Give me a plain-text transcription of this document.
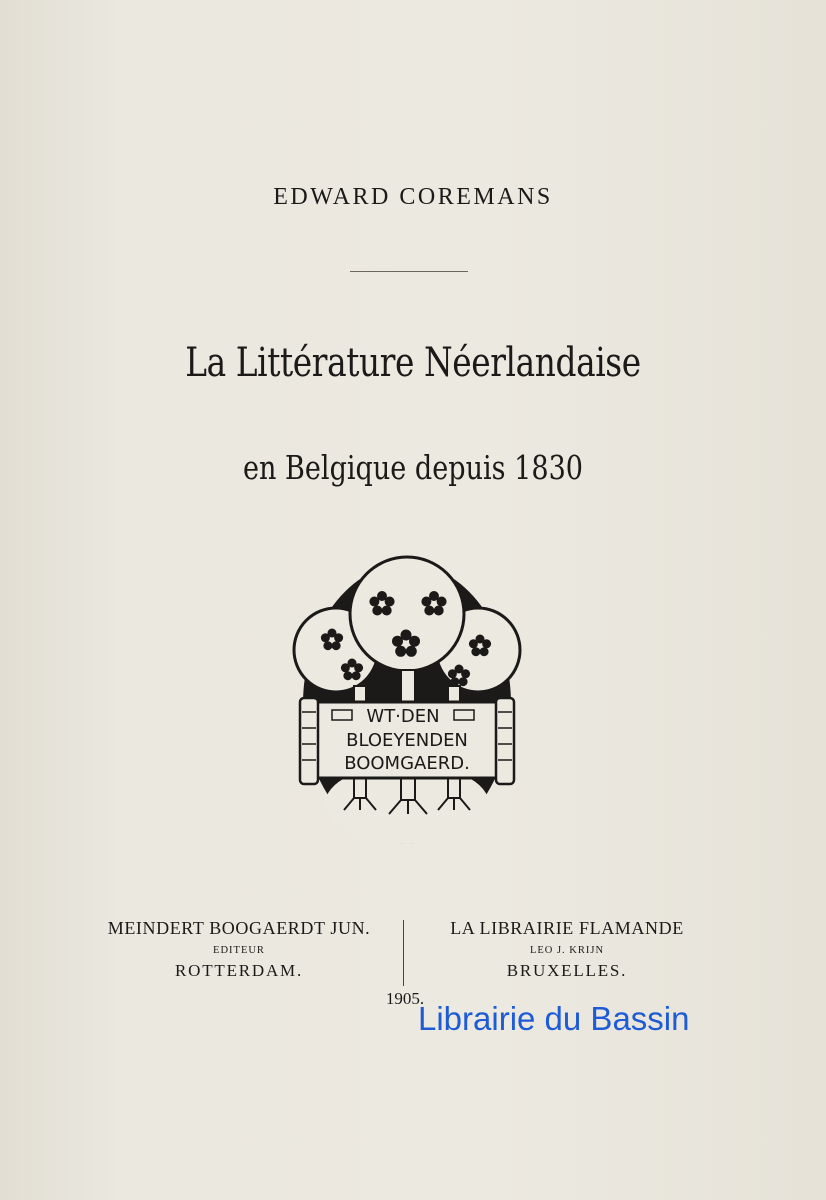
EDWARD COREMANS
La Littérature Néerlandaise
en Belgique depuis 1830
WT·DEN
BLOEYENDEN
BOOMGAERD.
MEINDERT BOOGAERDT JUN.
EDITEUR
ROTTERDAM.
LA LIBRAIRIE FLAMANDE
LEO J. KRIJN
BRUXELLES.
1905.
Librairie du Bassin
